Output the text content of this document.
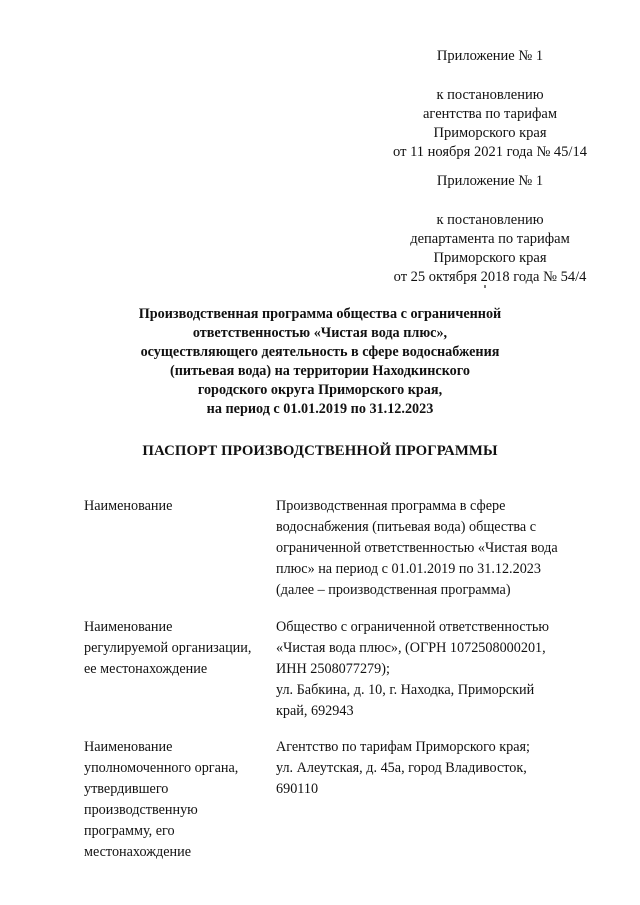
Приложение № 1
к постановлению
агентства по тарифам
Приморского края
от 11 ноября 2021 года № 45/14
Приложение № 1
к постановлению
департамента по тарифам
Приморского края
от 25 октября 2018 года № 54/4
Производственная программа общества с ограниченной
ответственностью «Чистая вода плюс»,
осуществляющего деятельность в сфере водоснабжения
(питьевая вода) на территории Находкинского
городского округа Приморского края,
на период с 01.01.2019 по 31.12.2023
ПАСПОРТ ПРОИЗВОДСТВЕННОЙ ПРОГРАММЫ
Наименование	Производственная программа в сфере
водоснабжения (питьевая вода) общества с
ограниченной ответственностью «Чистая вода
плюс» на период с 01.01.2019 по 31.12.2023
(далее – производственная программа)
Наименование
регулируемой организации,
ее местонахождение
Общество с ограниченной ответственностью
«Чистая вода плюс», (ОГРН 1072508000201,
ИНН 2508077279);
ул. Бабкина, д. 10, г. Находка, Приморский
край, 692943
Наименование
уполномоченного органа,
утвердившего
производственную
программу, его
местонахождение
Агентство по тарифам Приморского края;
ул. Алеутская, д. 45а, город Владивосток,
690110
